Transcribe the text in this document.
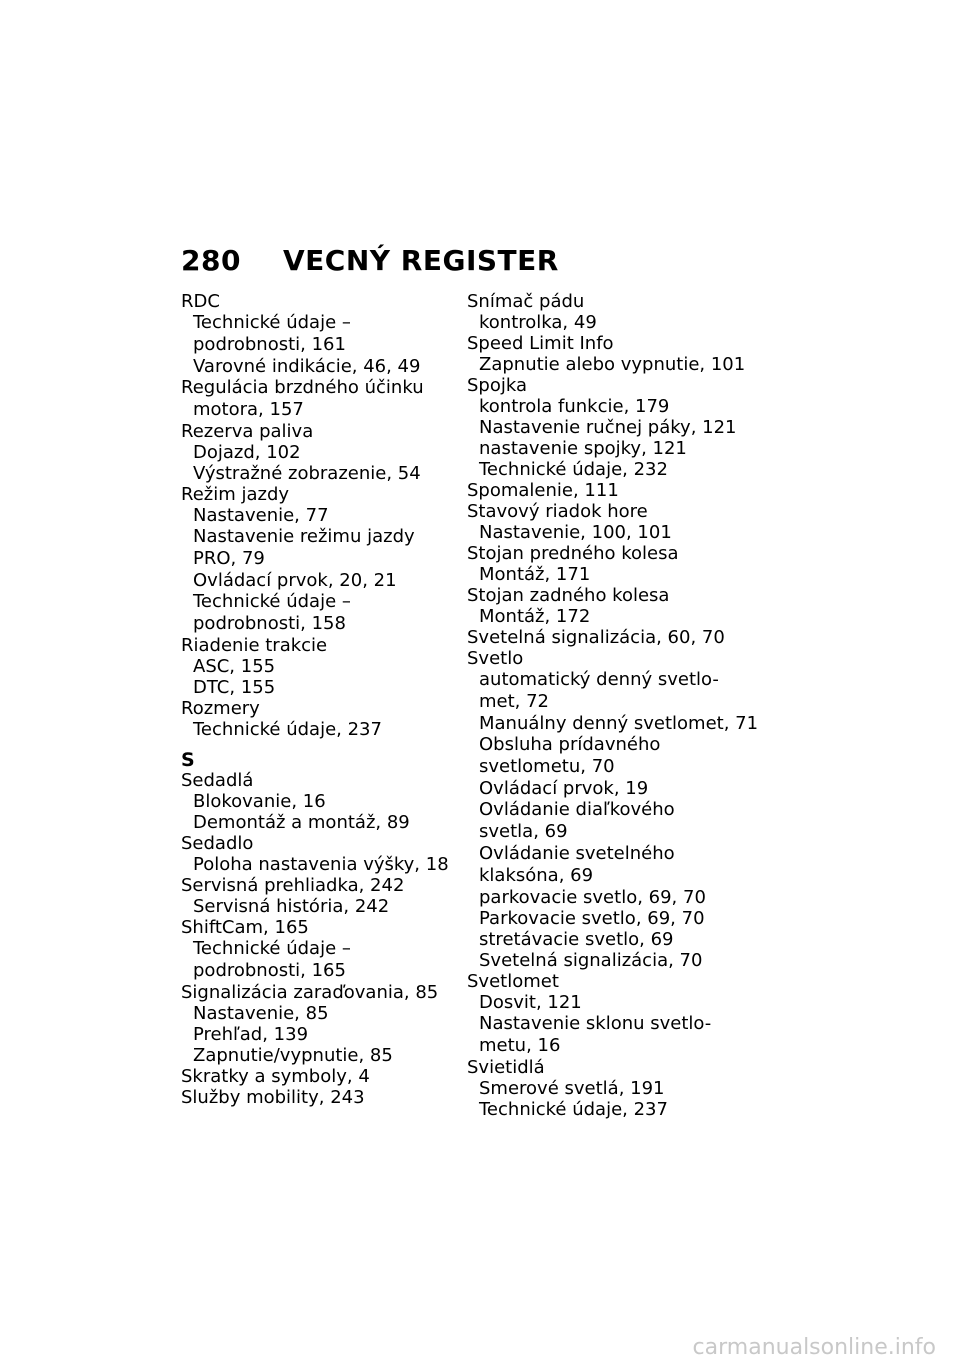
280 VECNÝ REGISTER
RDC
Technické údaje –
podrobnosti, 161
Varovné indikácie, 46, 49
Regulácia brzdného účinku
motora, 157
Rezerva paliva
Dojazd, 102
Výstražné zobrazenie, 54
Režim jazdy
Nastavenie, 77
Nastavenie režimu jazdy
PRO, 79
Ovládací prvok, 20, 21
Technické údaje –
podrobnosti, 158
Riadenie trakcie
ASC, 155
DTC, 155
Rozmery
Technické údaje, 237
S
Sedadlá
Blokovanie, 16
Demontáž a montáž, 89
Sedadlo
Poloha nastavenia výšky, 18
Servisná prehliadka, 242
Servisná história, 242
ShiftCam, 165
Technické údaje –
podrobnosti, 165
Signalizácia zaraďovania, 85
Nastavenie, 85
Prehľad, 139
Zapnutie/vypnutie, 85
Skratky a symboly, 4
Služby mobility, 243
Snímač pádu
kontrolka, 49
Speed Limit Info
Zapnutie alebo vypnutie, 101
Spojka
kontrola funkcie, 179
Nastavenie ručnej páky, 121
nastavenie spojky, 121
Technické údaje, 232
Spomalenie, 111
Stavový riadok hore
Nastavenie, 100, 101
Stojan predného kolesa
Montáž, 171
Stojan zadného kolesa
Montáž, 172
Svetelná signalizácia, 60, 70
Svetlo
automatický denný svetlo-
met, 72
Manuálny denný svetlomet, 71
Obsluha prídavného
svetlometu, 70
Ovládací prvok, 19
Ovládanie diaľkového
svetla, 69
Ovládanie svetelného
klaksóna, 69
parkovacie svetlo, 69, 70
Parkovacie svetlo, 69, 70
stretávacie svetlo, 69
Svetelná signalizácia, 70
Svetlomet
Dosvit, 121
Nastavenie sklonu svetlo-
metu, 16
Svietidlá
Smerové svetlá, 191
Technické údaje, 237
carmanualsonline.info
